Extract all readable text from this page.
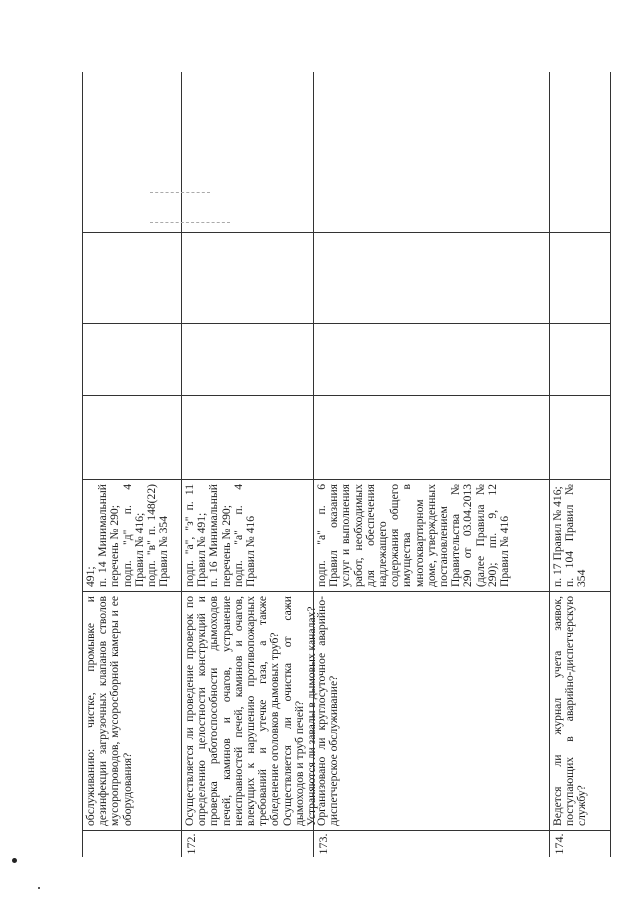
обслуживанию: чистке, промывке и дезинфекции загрузочных клапанов стволов мусоропроводов, мусоросборной камеры и ее оборудования?

491;
п. 14 Минимальный перечень № 290;
подп. "д" п. 4 Правил № 416;
подп. "в" п. 148(22) Правил № 354

172.

Осуществляется ли проведение проверок по определению целостности конструкций и проверка работоспособности дымоходов печей, каминов и очагов, устранение неисправностей печей, каминов и очагов, влекущих к нарушению противопожарных требований и утечке газа, а также обледенение оголовков дымовых труб?
Осуществляется ли очистка от сажи дымоходов и труб печей?
Устраняются ли завалы в дымовых каналах?

подп. "а", "з" п. 11 Правил № 491;
п. 16 Минимальный перечень № 290;
подп. "а" п. 4 Правил № 416

173.

Организовано ли круглосуточное аварийно-диспетчерское обслуживание?

подп. "а" п. 6 Правил оказания услуг и выполнения работ, необходимых для обеспечения надлежащего содержания общего имущества в многоквартирном доме, утвержденных постановлением Правительства № 290 от 03.04.2013 (далее Правила № 290); пп. 9, 12 Правил № 416

174.

Ведется ли журнал учета заявок, поступающих в аварийно-диспетчерскую службу?

п. 17 Правил № 416;
п. 104 Правил № 354
